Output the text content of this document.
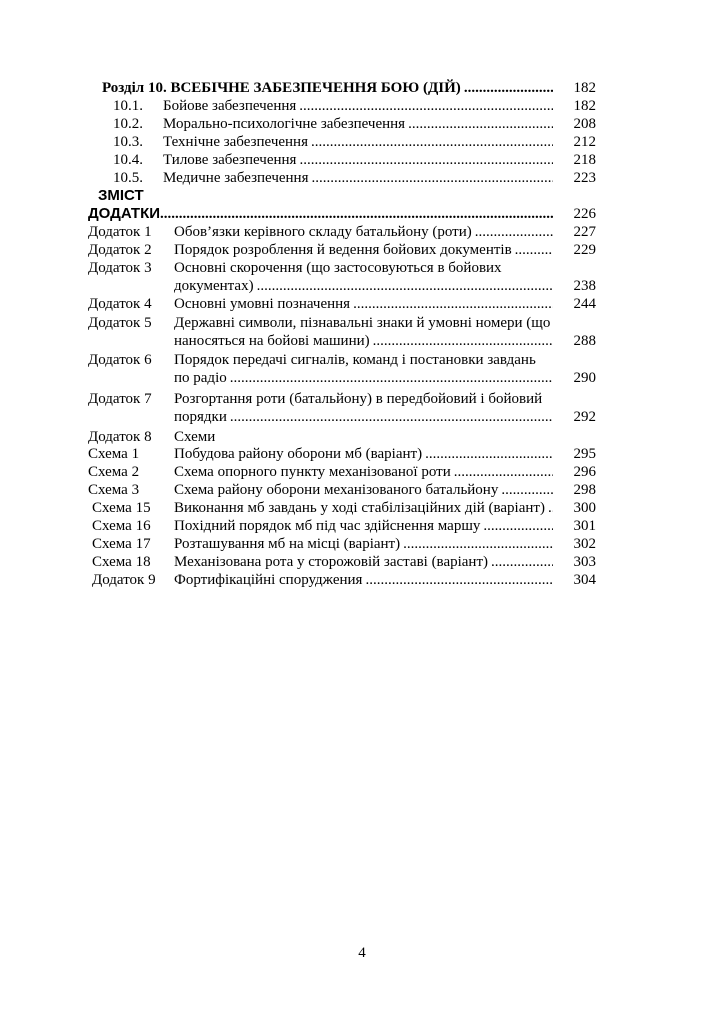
Розділ 10. ВСЕБІЧНЕ ЗАБЕЗПЕЧЕННЯ БОЮ (ДІЙ) .....	182
10.1.	Бойове забезпечення .....	182
10.2.	Морально-психологічне забезпечення .....	208
10.3.	Технічне забезпечення .....	212
10.4.	Тилове забезпечення .....	218
10.5.	Медичне забезпечення .....	223
ЗМІСТ
ДОДАТКИ .....	226
Додаток 1	Обов’язки керівного складу батальйону (роти) .....	227
Додаток 2	Порядок розроблення й ведення бойових документів .....	229
Додаток 3 Основні скорочення (що застосовуються в бойових
документах) .....	238
Додаток 4	Основні умовні позначення .....	244
Додаток 5 Державні символи, пізнавальні знаки й умовні номери (що
наносяться на бойові машини) .....	288
Додаток 6 Порядок передачі сигналів, команд і постановки завдань
по радіо .....	290
Додаток 7 Розгортання роти (батальйону) в передбойовий і бойовий
порядки .....	292
Додаток 8 Схеми
Схема 1	Побудова району оборони мб (варіант) .....	295
Схема 2	Схема опорного пункту механізованої роти .....	296
Схема 3	Схема району оборони механізованого батальйону .....	298
Схема 15	Виконання мб завдань у ході стабілізаційних дій (варіант) .....	300
Схема 16	Похідний порядок мб під час здійснення маршу .....	301
Схема 17	Розташування мб на місці (варіант) .....	302
Схема 18	Механізована рота у сторожовій заставі (варіант) .....	303
Додаток 9	Фортифікаційні споруджения .....	304
4
